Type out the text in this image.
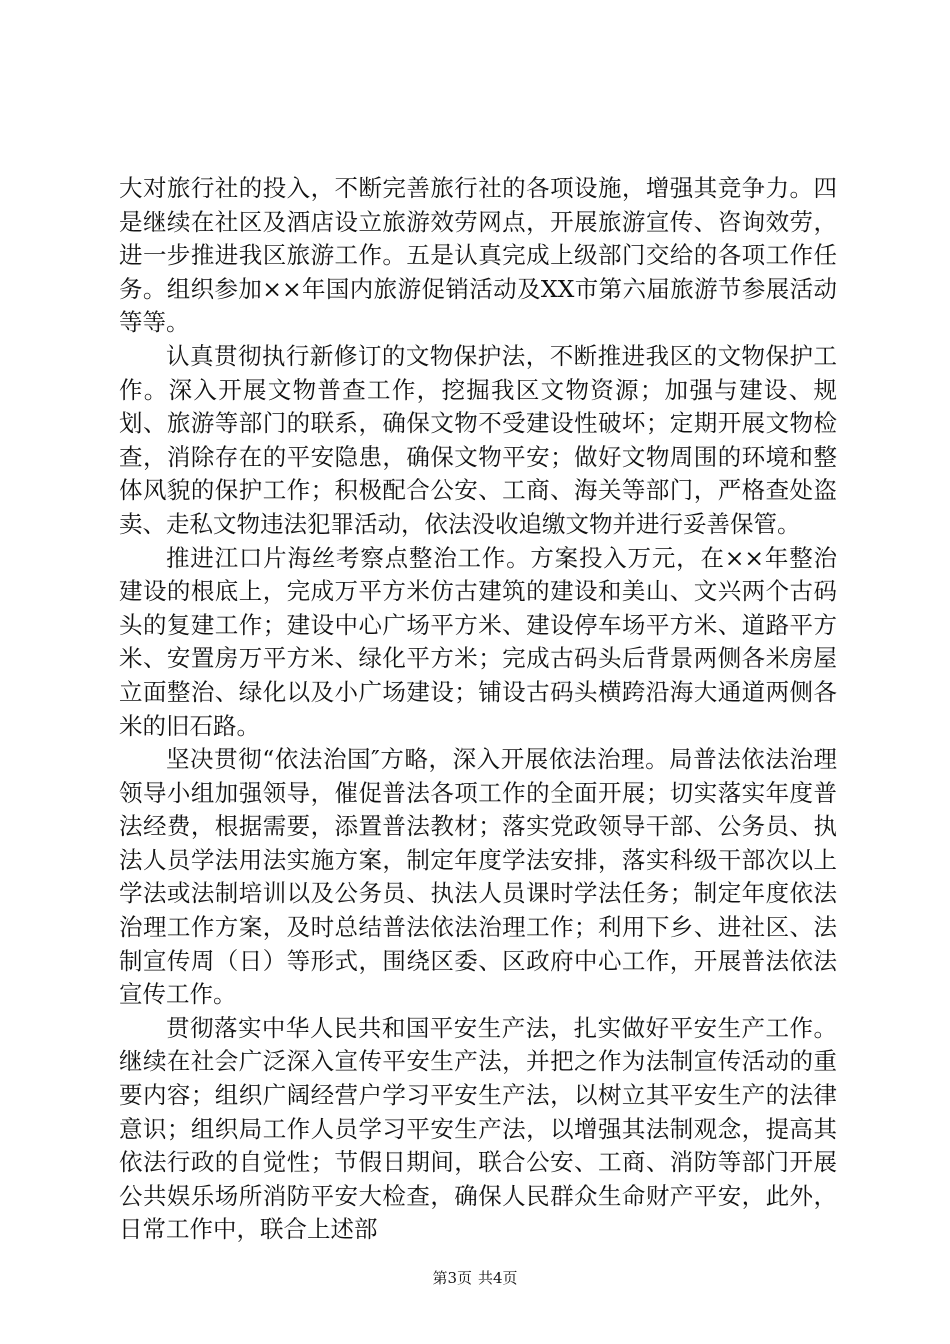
大对旅行社的投入，不断完善旅行社的各项设施，增强其竞争力。四是继续在社区及酒店设立旅游效劳网点，开展旅游宣传、咨询效劳，进一步推进我区旅游工作。五是认真完成上级部门交给的各项工作任务。组织参加××年国内旅游促销活动及XX市第六届旅游节参展活动等等。

认真贯彻执行新修订的文物保护法，不断推进我区的文物保护工作。深入开展文物普查工作，挖掘我区文物资源；加强与建设、规划、旅游等部门的联系，确保文物不受建设性破坏；定期开展文物检查，消除存在的平安隐患，确保文物平安；做好文物周围的环境和整体风貌的保护工作；积极配合公安、工商、海关等部门，严格查处盗卖、走私文物违法犯罪活动，依法没收追缴文物并进行妥善保管。

推进江口片海丝考察点整治工作。方案投入万元，在××年整治建设的根底上，完成万平方米仿古建筑的建设和美山、文兴两个古码头的复建工作；建设中心广场平方米、建设停车场平方米、道路平方米、安置房万平方米、绿化平方米；完成古码头后背景两侧各米房屋立面整治、绿化以及小广场建设；铺设古码头横跨沿海大通道两侧各米的旧石路。

坚决贯彻“依法治国″方略，深入开展依法治理。局普法依法治理领导小组加强领导，催促普法各项工作的全面开展；切实落实年度普法经费，根据需要，添置普法教材；落实党政领导干部、公务员、执法人员学法用法实施方案，制定年度学法安排，落实科级干部次以上学法或法制培训以及公务员、执法人员课时学法任务；制定年度依法治理工作方案，及时总结普法依法治理工作；利用下乡、进社区、法制宣传周（日）等形式，围绕区委、区政府中心工作，开展普法依法宣传工作。

贯彻落实中华人民共和国平安生产法，扎实做好平安生产工作。继续在社会广泛深入宣传平安生产法，并把之作为法制宣传活动的重要内容；组织广阔经营户学习平安生产法，以树立其平安生产的法律意识；组织局工作人员学习平安生产法，以增强其法制观念，提高其依法行政的自觉性；节假日期间，联合公安、工商、消防等部门开展公共娱乐场所消防平安大检查，确保人民群众生命财产平安，此外，日常工作中，联合上述部

第3页 共4页
